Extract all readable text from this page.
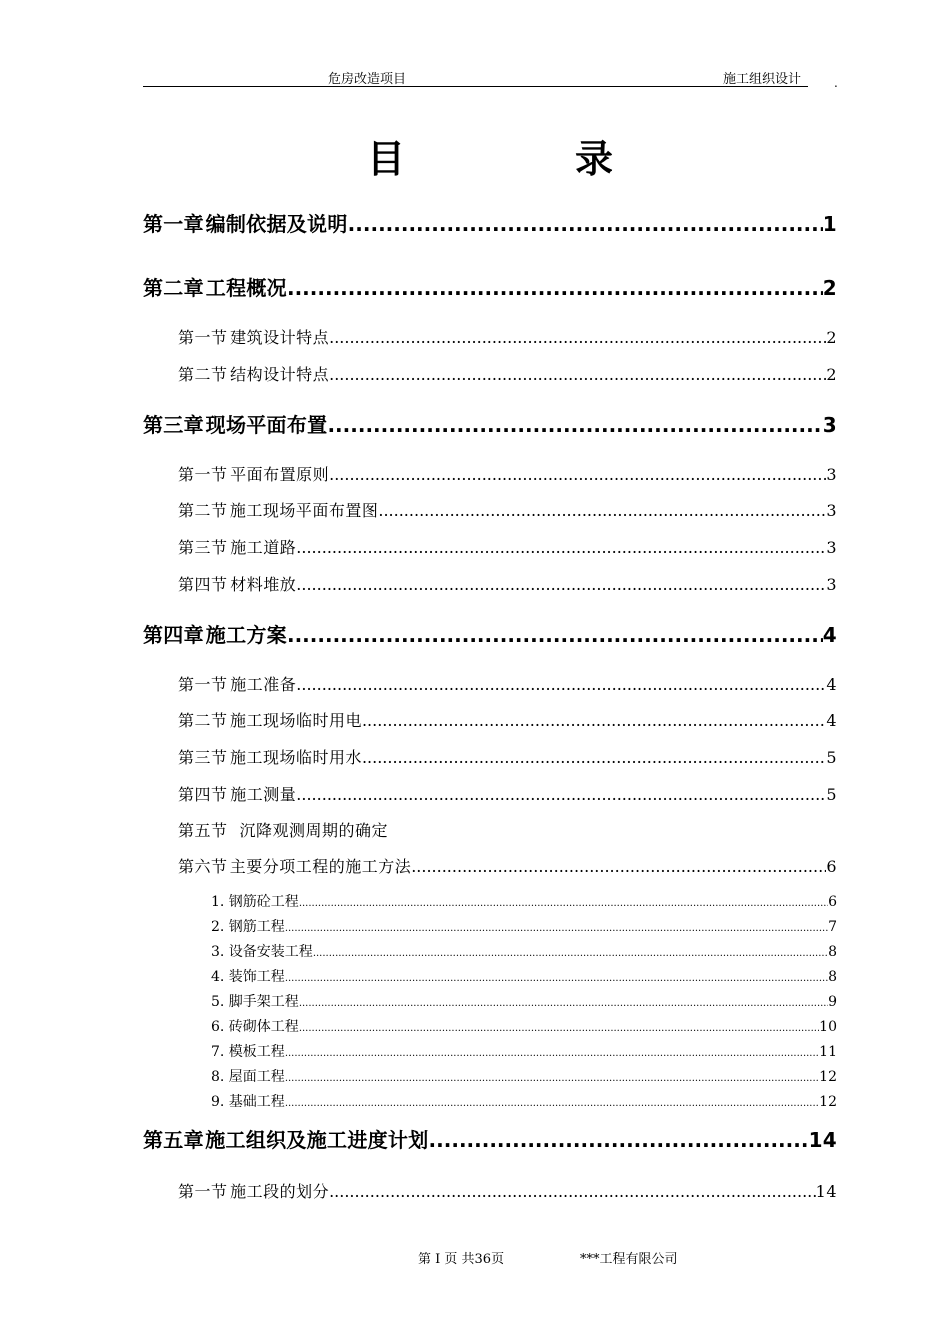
危房改造项目	施工组织设计	.
目	录
第一章 编制依据及说明 .....	1
第二章 工程概况 .....	2
第一节 建筑设计特点 .....	2
第二节 结构设计特点 .....	2
第三章 现场平面布置 .....	3
第一节 平面布置原则 .....	3
第二节 施工现场平面布置图 .....	3
第三节 施工道路 .....	3
第四节 材料堆放 .....	3
第四章 施工方案 .....	4
第一节 施工准备 .....	4
第二节 施工现场临时用电 .....	4
第三节 施工现场临时用水 .....	5
第四节 施工测量 .....	5
第五节 沉降观测周期的确定
第六节 主要分项工程的施工方法 .....	6
1. 钢筋砼工程 .....	6
2. 钢筋工程 .....	7
3. 设备安装工程 .....	8
4. 装饰工程 .....	8
5. 脚手架工程 .....	9
6. 砖砌体工程 .....	10
7. 模板工程 .....	11
8. 屋面工程 .....	12
9. 基础工程 .....	12
第五章 施工组织及施工进度计划 .....	14
第一节 施工段的划分 .....	14
第 I 页 共36页	***工程有限公司
